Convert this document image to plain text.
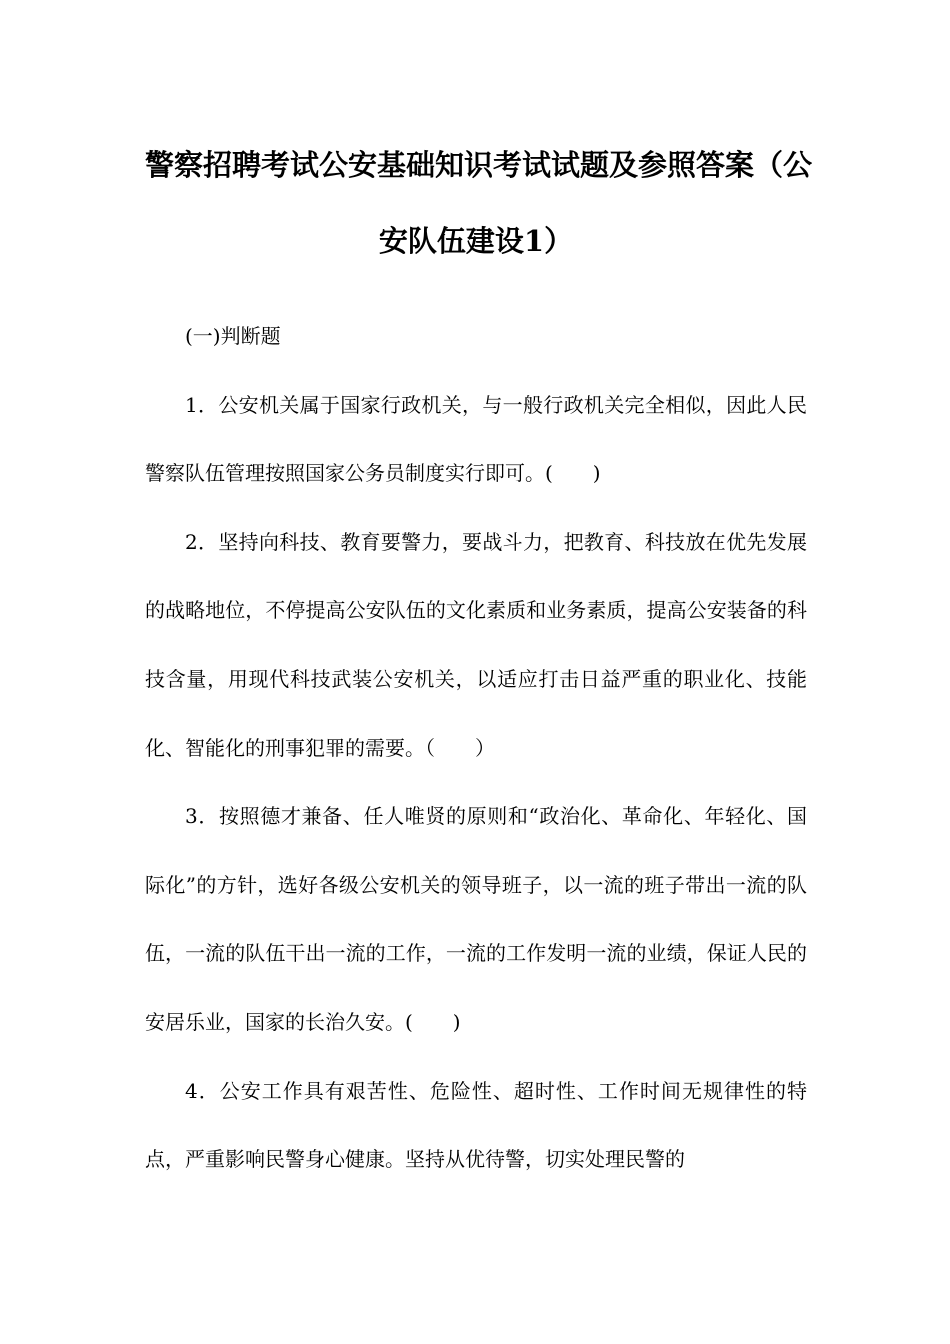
警察招聘考试公安基础知识考试试题及参照答案（公
安队伍建设1）

(一)判断题

1．公安机关属于国家行政机关，与一般行政机关完全相似，因此人民警察队伍管理按照国家公务员制度实行即可。(　　)

2．坚持向科技、教育要警力，要战斗力，把教育、科技放在优先发展的战略地位，不停提高公安队伍的文化素质和业务素质，提高公安装备的科技含量，用现代科技武装公安机关，以适应打击日益严重的职业化、技能化、智能化的刑事犯罪的需要。（　　）

3．按照德才兼备、任人唯贤的原则和“政治化、革命化、年轻化、国际化”的方针，选好各级公安机关的领导班子，以一流的班子带出一流的队伍，一流的队伍干出一流的工作，一流的工作发明一流的业绩，保证人民的安居乐业，国家的长治久安。(　　)

4．公安工作具有艰苦性、危险性、超时性、工作时间无规律性的特点，严重影响民警身心健康。坚持从优待警，切实处理民警的
